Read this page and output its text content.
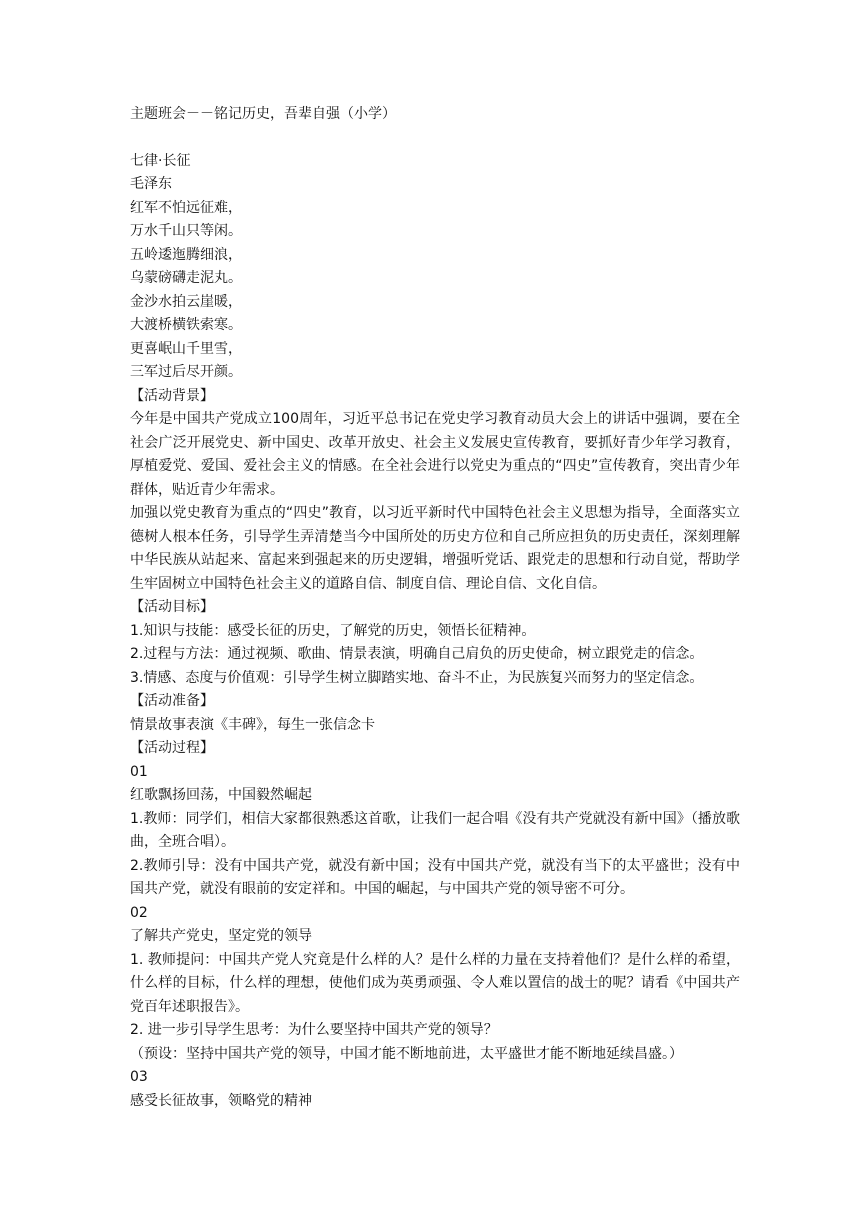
主题班会－－铭记历史，吾辈自强（小学）

七律·长征

毛泽东

红军不怕远征难，

万水千山只等闲。

五岭逶迤腾细浪，

乌蒙磅礴走泥丸。

金沙水拍云崖暖，

大渡桥横铁索寒。

更喜岷山千里雪，

三军过后尽开颜。

【活动背景】

今年是中国共产党成立100周年，习近平总书记在党史学习教育动员大会上的讲话中强调，要在全社会广泛开展党史、新中国史、改革开放史、社会主义发展史宣传教育，要抓好青少年学习教育，厚植爱党、爱国、爱社会主义的情感。在全社会进行以党史为重点的“四史”宣传教育，突出青少年群体，贴近青少年需求。

加强以党史教育为重点的“四史”教育，以习近平新时代中国特色社会主义思想为指导，全面落实立德树人根本任务，引导学生弄清楚当今中国所处的历史方位和自己所应担负的历史责任，深刻理解中华民族从站起来、富起来到强起来的历史逻辑，增强听党话、跟党走的思想和行动自觉，帮助学生牢固树立中国特色社会主义的道路自信、制度自信、理论自信、文化自信。

【活动目标】

1.知识与技能：感受长征的历史，了解党的历史，领悟长征精神。

2.过程与方法：通过视频、歌曲、情景表演，明确自己肩负的历史使命，树立跟党走的信念。

3.情感、态度与价值观：引导学生树立脚踏实地、奋斗不止，为民族复兴而努力的坚定信念。

【活动准备】

情景故事表演《丰碑》，每生一张信念卡

【活动过程】

01

红歌飘扬回荡，中国毅然崛起

1.教师：同学们，相信大家都很熟悉这首歌，让我们一起合唱《没有共产党就没有新中国》（播放歌曲，全班合唱）。

2.教师引导：没有中国共产党，就没有新中国；没有中国共产党，就没有当下的太平盛世；没有中国共产党，就没有眼前的安定祥和。中国的崛起，与中国共产党的领导密不可分。

02

了解共产党史，坚定党的领导

1. 教师提问：中国共产党人究竟是什么样的人？是什么样的力量在支持着他们？是什么样的希望，什么样的目标，什么样的理想，使他们成为英勇顽强、令人难以置信的战士的呢？请看《中国共产党百年述职报告》。

2. 进一步引导学生思考：为什么要坚持中国共产党的领导？

（预设：坚持中国共产党的领导，中国才能不断地前进，太平盛世才能不断地延续昌盛。）

03

感受长征故事，领略党的精神
